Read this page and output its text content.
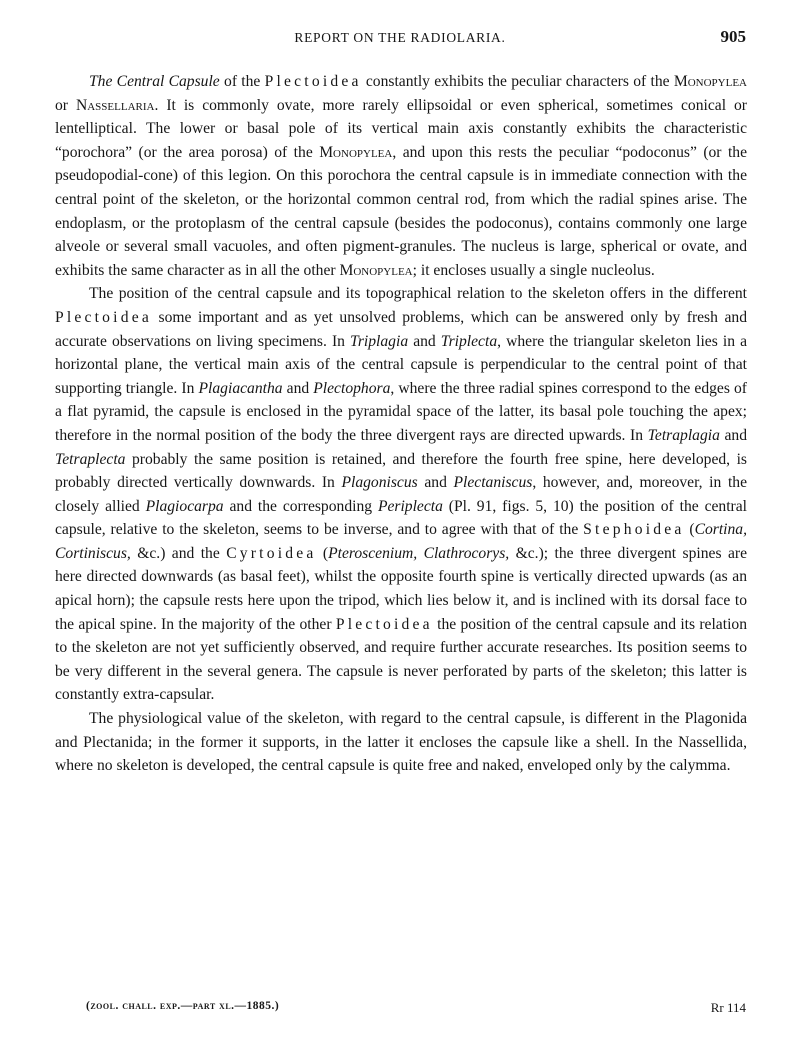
REPORT ON THE RADIOLARIA.	905

The Central Capsule of the Plectoidea constantly exhibits the peculiar characters of the Monopylea or Nassellaria. It is commonly ovate, more rarely ellipsoidal or even spherical, sometimes conical or lentelliptical. The lower or basal pole of its vertical main axis constantly exhibits the characteristic “porochora” (or the area porosa) of the Monopylea, and upon this rests the peculiar “podoconus” (or the pseudopodial-cone) of this legion. On this porochora the central capsule is in immediate connection with the central point of the skeleton, or the horizontal common central rod, from which the radial spines arise. The endoplasm, or the protoplasm of the central capsule (besides the podoconus), contains commonly one large alveole or several small vacuoles, and often pigment-granules. The nucleus is large, spherical or ovate, and exhibits the same character as in all the other Monopylea; it encloses usually a single nucleolus.

The position of the central capsule and its topographical relation to the skeleton offers in the different Plectoidea some important and as yet unsolved problems, which can be answered only by fresh and accurate observations on living specimens. In Triplagia and Triplecta, where the triangular skeleton lies in a horizontal plane, the vertical main axis of the central capsule is perpendicular to the central point of that supporting triangle. In Plagiacantha and Plectophora, where the three radial spines correspond to the edges of a flat pyramid, the capsule is enclosed in the pyramidal space of the latter, its basal pole touching the apex; therefore in the normal position of the body the three divergent rays are directed upwards. In Tetraplagia and Tetraplecta probably the same position is retained, and therefore the fourth free spine, here developed, is probably directed vertically downwards. In Plagoniscus and Plectaniscus, however, and, moreover, in the closely allied Plagiocarpa and the corresponding Periplecta (Pl. 91, figs. 5, 10) the position of the central capsule, relative to the skeleton, seems to be inverse, and to agree with that of the Stephoidea (Cortina, Cortiniscus, &c.) and the Cyrtoidea (Pteroscenium, Clathrocorys, &c.); the three divergent spines are here directed downwards (as basal feet), whilst the opposite fourth spine is vertically directed upwards (as an apical horn); the capsule rests here upon the tripod, which lies below it, and is inclined with its dorsal face to the apical spine. In the majority of the other Plectoidea the position of the central capsule and its relation to the skeleton are not yet sufficiently observed, and require further accurate researches. Its position seems to be very different in the several genera. The capsule is never perforated by parts of the skeleton; this latter is constantly extra-capsular.

The physiological value of the skeleton, with regard to the central capsule, is different in the Plagonida and Plectanida; in the former it supports, in the latter it encloses the capsule like a shell. In the Nassellida, where no skeleton is developed, the central capsule is quite free and naked, enveloped only by the calymma.

(zool. chall. exp.—part xl.—1885.)	Rr 114
